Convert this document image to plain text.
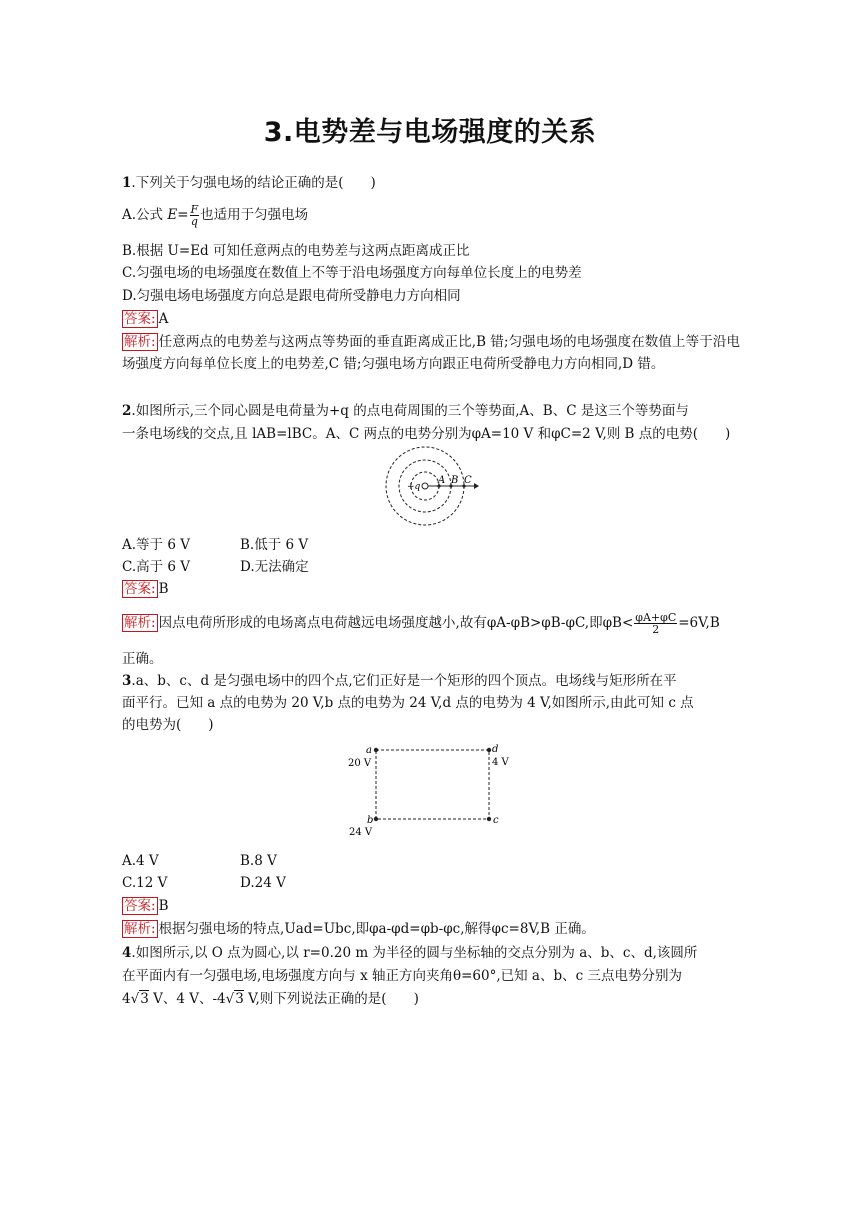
3.电势差与电场强度的关系
1.下列关于匀强电场的结论正确的是(　　)
A.公式 $E= \frac{F}{q}$ 也适用于匀强电场
B.根据 U=Ed 可知任意两点的电势差与这两点距离成正比
C.匀强电场的电场强度在数值上不等于沿电场强度方向每单位长度上的电势差
D.匀强电场电场强度方向总是跟电荷所受静电力方向相同
答案: A
解析: 任意两点的电势差与这两点等势面的垂直距离成正比,B 错;匀强电场的电场强度在数值上等于沿电场强度方向每单位长度上的电势差,C 错;匀强电场方向跟正电荷所受静电力方向相同,D 错。
2.如图所示,三个同心圆是电荷量为+q 的点电荷周围的三个等势面,A、B、C 是这三个等势面与
一条电场线的交点,且 lAB=lBC。A、C 两点的电势分别为φA=10 V 和φC=2 V,则 B 点的电势(　　)
+q
A B C
A.等于 6 V	B.低于 6 V
C.高于 6 V	D.无法确定
答案: B
解析: 因点电荷所形成的电场离点电荷越远电场强度越小,故有φA-φB>φB-φC,即$\varphi B< \frac{\varphi A+\varphi C}{2} =6V,B$
正确。
3.a、b、c、d 是匀强电场中的四个点,它们正好是一个矩形的四个顶点。电场线与矩形所在平
面平行。已知 a 点的电势为 20 V,b 点的电势为 24 V,d 点的电势为 4 V,如图所示,由此可知 c 点
的电势为(　　)
a	d
b	c
20 V	4 V
24 V
A.4 V	B.8 V
C.12 V	D.24 V
答案: B
解析: 根据匀强电场的特点,Uad=Ubc,即φa-φd=φb-φc,解得φc=8V,B 正确。
4.如图所示,以 O 点为圆心,以 r=0.20 m 为半径的圆与坐标轴的交点分别为 a、b、c、d,该圆所
在平面内有一匀强电场,电场强度方向与 x 轴正方向夹角θ=60°,已知 a、b、c 三点电势分别为
4√3 V、4 V、-4√3 V,则下列说法正确的是(　　)
